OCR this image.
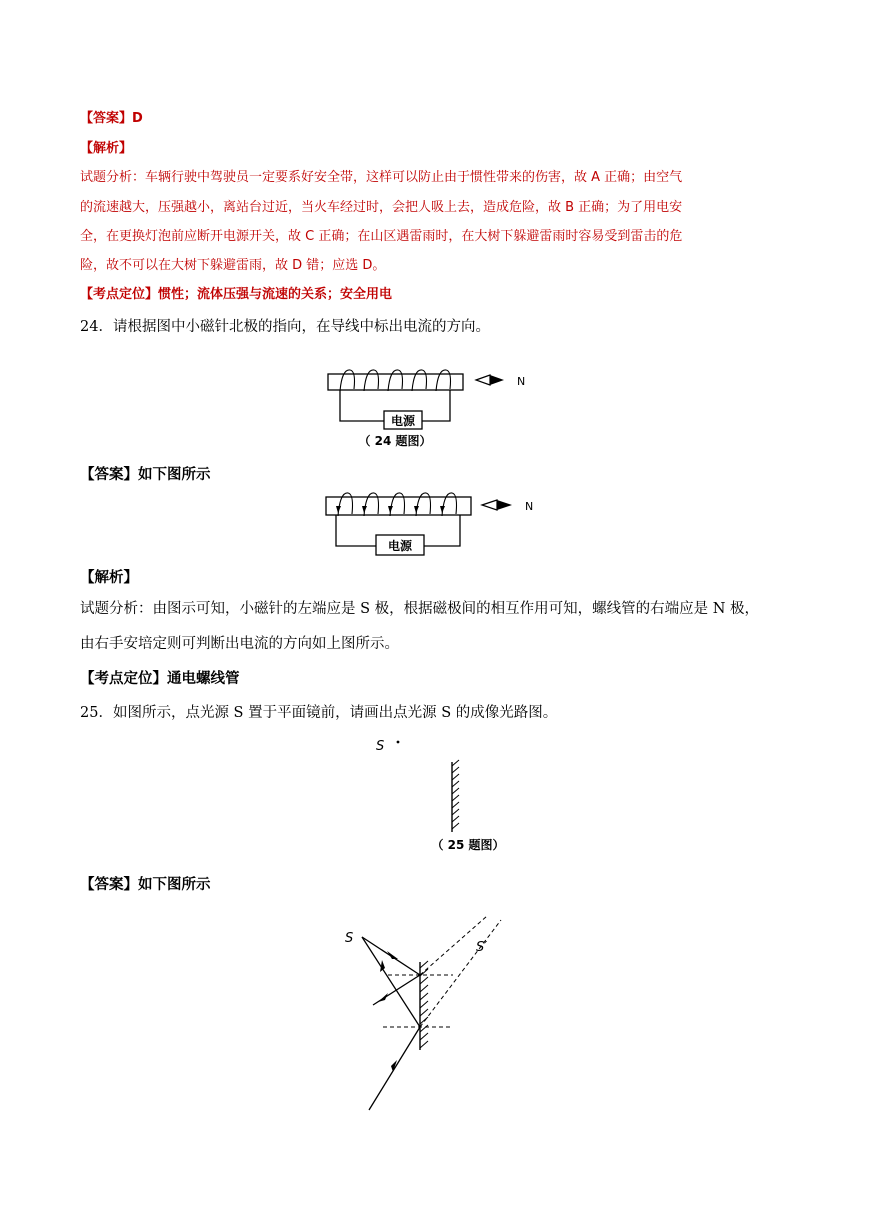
【答案】D
【解析】
试题分析：车辆行驶中驾驶员一定要系好安全带，这样可以防止由于惯性带来的伤害，故 A 正确；由空气
的流速越大，压强越小，离站台过近，当火车经过时，会把人吸上去，造成危险，故 B 正确；为了用电安
全，在更换灯泡前应断开电源开关，故 C 正确；在山区遇雷雨时，在大树下躲避雷雨时容易受到雷击的危
险，故不可以在大树下躲避雷雨，故 D 错；应选 D。
【考点定位】惯性；流体压强与流速的关系；安全用电
24．请根据图中小磁针北极的指向，在导线中标出电流的方向。
电源
N
（ 24 题图）
【答案】如下图所示
电源
N
【解析】
试题分析：由图示可知，小磁针的左端应是 S 极，根据磁极间的相互作用可知，螺线管的右端应是 N 极，
由右手安培定则可判断出电流的方向如上图所示。
【考点定位】通电螺线管
25．如图所示，点光源 S 置于平面镜前，请画出点光源 S 的成像光路图。
S
（ 25 题图）
【答案】如下图所示
S
S′
